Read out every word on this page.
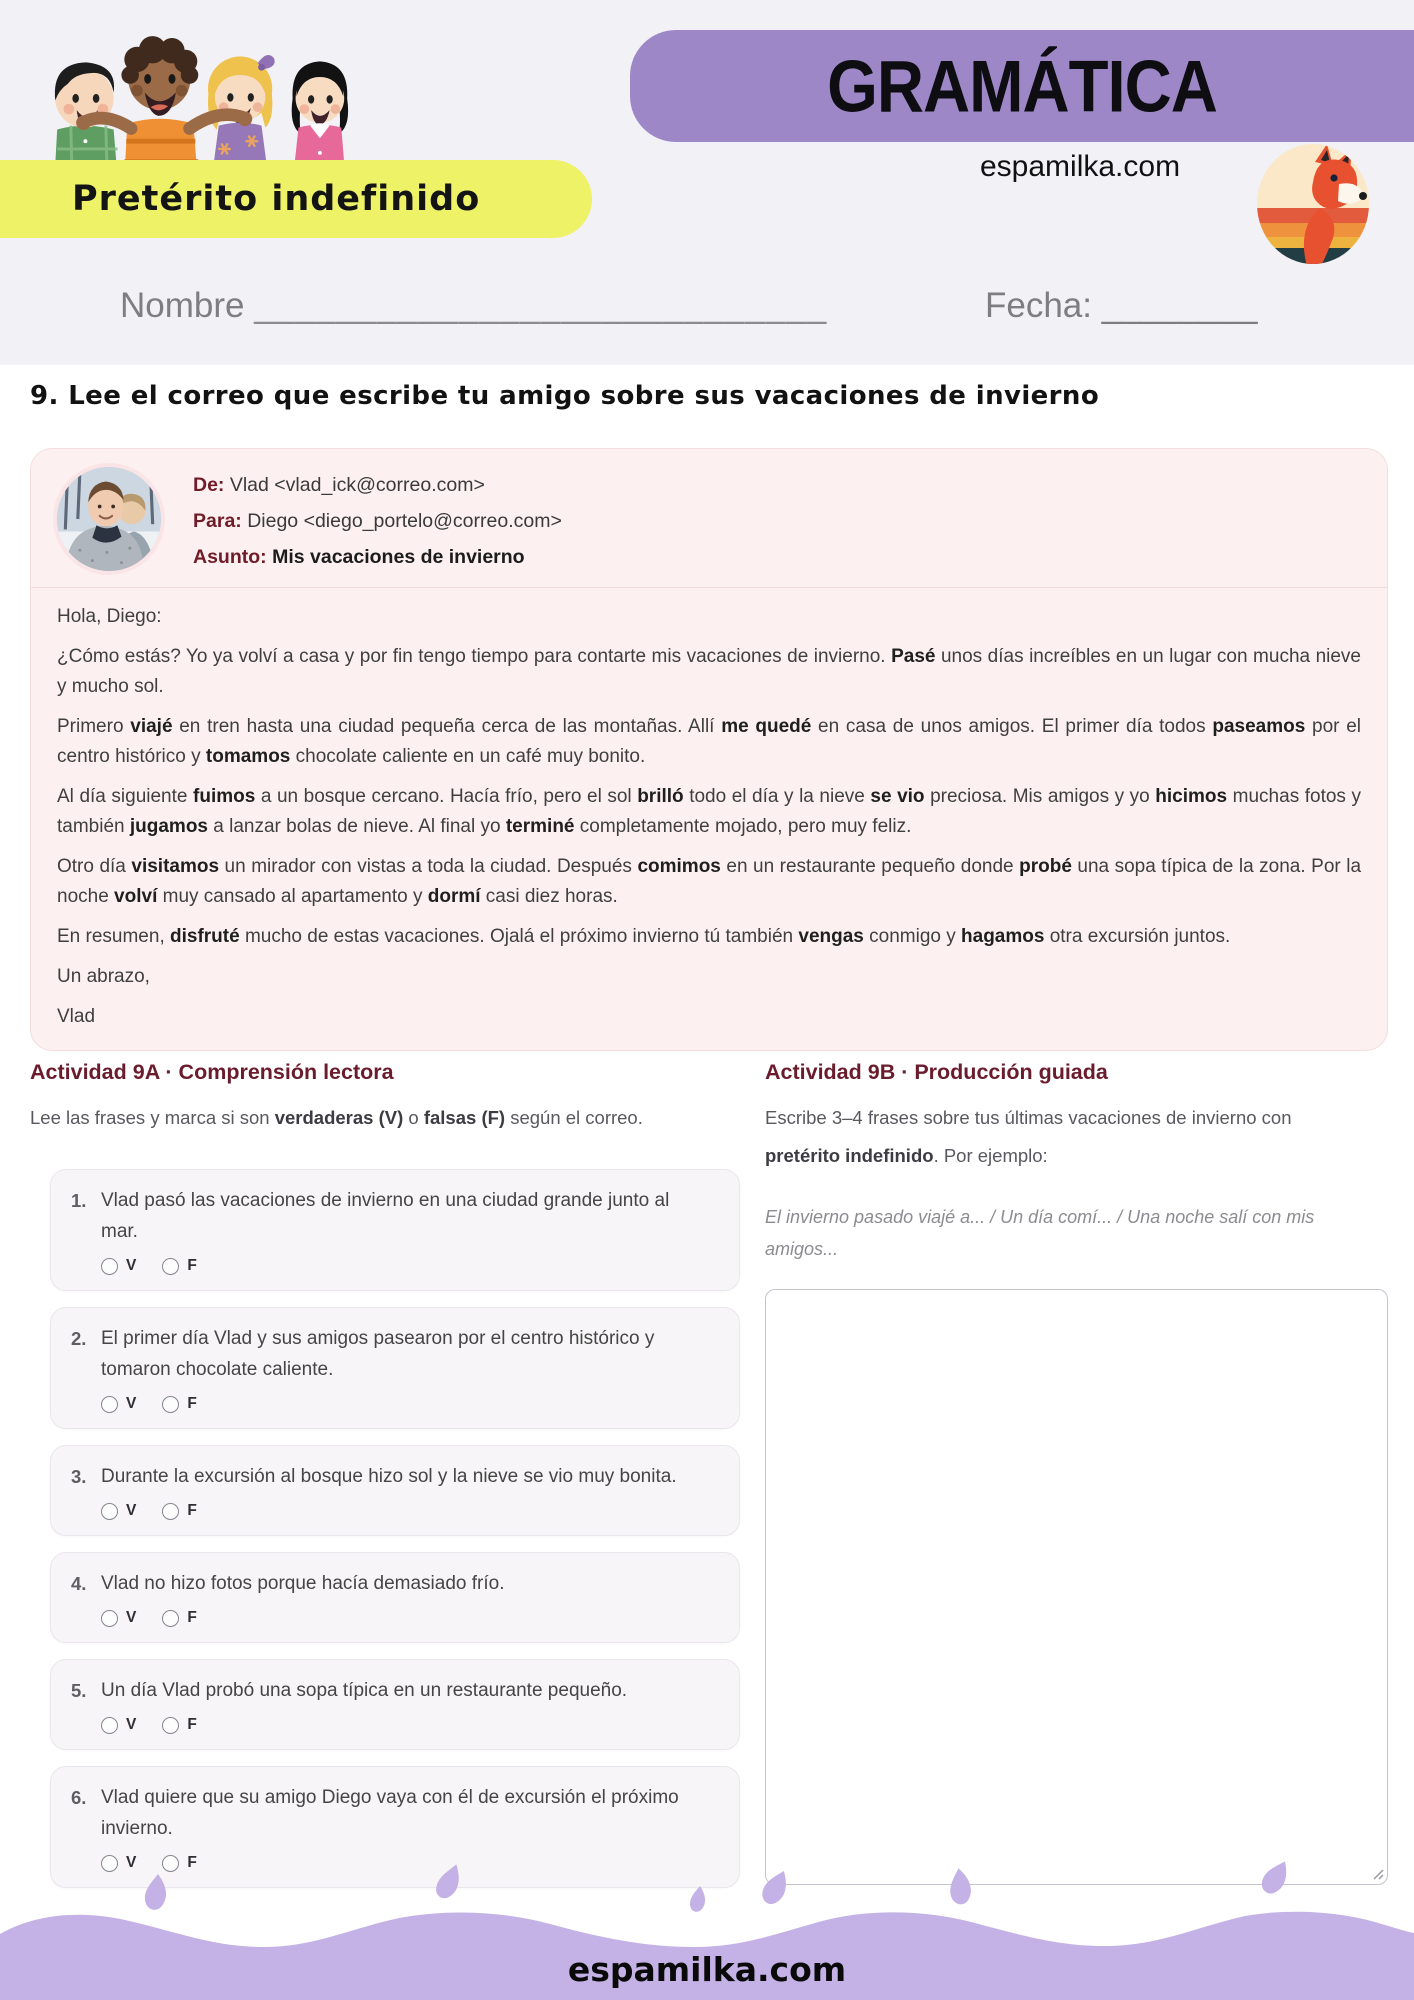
GRAMÁTICA
espamilka.com
Pretérito indefinido
Nombre ____________________________	Fecha: ________
9. Lee el correo que escribe tu amigo sobre sus vacaciones de invierno
De: Vlad <vlad_ick@correo.com>
Para: Diego <diego_portelo@correo.com>
Asunto: Mis vacaciones de invierno

Hola, Diego:

¿Cómo estás? Yo ya volví a casa y por fin tengo tiempo para contarte mis vacaciones de invierno. Pasé unos días increíbles en un lugar con mucha nieve y mucho sol.

Primero viajé en tren hasta una ciudad pequeña cerca de las montañas. Allí me quedé en casa de unos amigos. El primer día todos paseamos por el centro histórico y tomamos chocolate caliente en un café muy bonito.

Al día siguiente fuimos a un bosque cercano. Hacía frío, pero el sol brilló todo el día y la nieve se vio preciosa. Mis amigos y yo hicimos muchas fotos y también jugamos a lanzar bolas de nieve. Al final yo terminé completamente mojado, pero muy feliz.

Otro día visitamos un mirador con vistas a toda la ciudad. Después comimos en un restaurante pequeño donde probé una sopa típica de la zona. Por la noche volví muy cansado al apartamento y dormí casi diez horas.

En resumen, disfruté mucho de estas vacaciones. Ojalá el próximo invierno tú también vengas conmigo y hagamos otra excursión juntos.

Un abrazo,

Vlad

Actividad 9A · Comprensión lectora

Lee las frases y marca si son verdaderas (V) o falsas (F) según el correo.

1. Vlad pasó las vacaciones de invierno en una ciudad grande junto al mar.
V	F
2. El primer día Vlad y sus amigos pasearon por el centro histórico y tomaron chocolate caliente.
V	F
3. Durante la excursión al bosque hizo sol y la nieve se vio muy bonita.
V	F
4. Vlad no hizo fotos porque hacía demasiado frío.
V	F
5. Un día Vlad probó una sopa típica en un restaurante pequeño.
V	F
6. Vlad quiere que su amigo Diego vaya con él de excursión el próximo invierno.
V	F
Actividad 9B · Producción guiada

Escribe 3–4 frases sobre tus últimas vacaciones de invierno con
pretérito indefinido. Por ejemplo:

El invierno pasado viajé a... / Un día comí... / Una noche salí con mis
amigos...

espamilka.com
